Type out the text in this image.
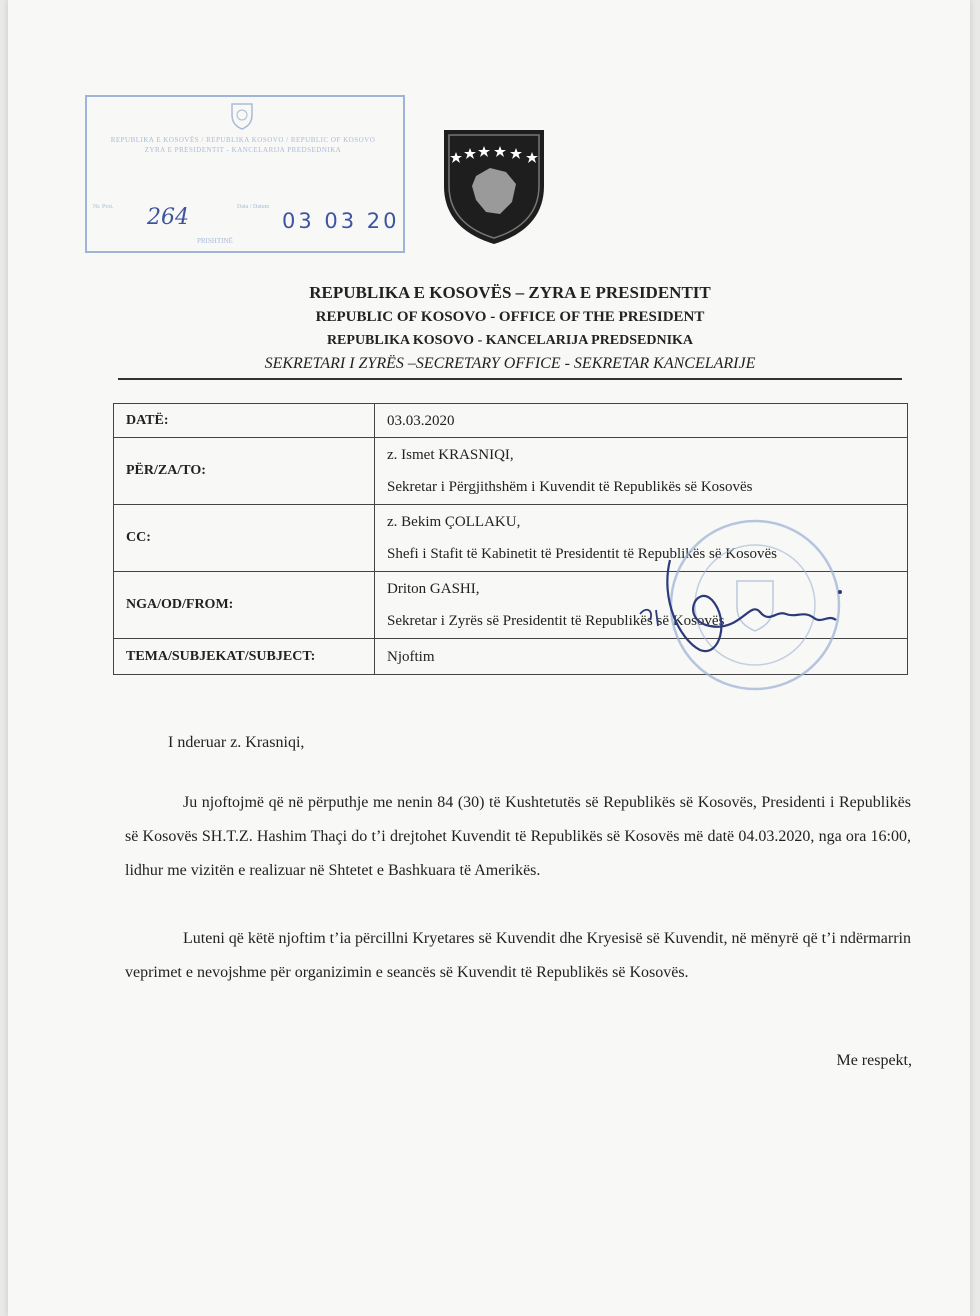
REPUBLIKA E KOSOVËS / REPUBLIKA KOSOVO / REPUBLIC OF KOSOVO
ZYRA E PRESIDENTIT - KANCELARIJA PREDSEDNIKA
Nr. Prot.	Data / Datum
264	03 03 20
PRISHTINË
REPUBLIKA E KOSOVËS – ZYRA E PRESIDENTIT
REPUBLIC OF KOSOVO - OFFICE OF THE PRESIDENT
REPUBLIKA KOSOVO - KANCELARIJA PREDSEDNIKA
SEKRETARI I ZYRËS –SECRETARY OFFICE - SEKRETAR KANCELARIJE
DATË:	03.03.2020
PËR/ZA/TO:	z. Ismet KRASNIQI,
Sekretar i Përgjithshëm i Kuvendit të Republikës së Kosovës

CC:	z. Bekim ÇOLLAKU,
Shefi i Stafit të Kabinetit të Presidentit të Republikës së Kosovës

NGA/OD/FROM:	Driton GASHI,
Sekretar i Zyrës së Presidentit të Republikës së Kosovës

TEMA/SUBJEKAT/SUBJECT:	Njoftim
I nderuar z. Krasniqi,
Ju njoftojmë që në përputhje me nenin 84 (30) të Kushtetutës së Republikës së Kosovës, Presidenti i Republikës së Kosovës SH.T.Z. Hashim Thaçi do t’i drejtohet Kuvendit të Republikës së Kosovës më datë 04.03.2020, nga ora 16:00, lidhur me vizitën e realizuar në Shtetet e Bashkuara të Amerikës.
Luteni që këtë njoftim t’ia përcillni Kryetares së Kuvendit dhe Kryesisë së Kuvendit, në mënyrë që t’i ndërmarrin veprimet e nevojshme për organizimin e seancës së Kuvendit të Republikës së Kosovës.
Me respekt,
